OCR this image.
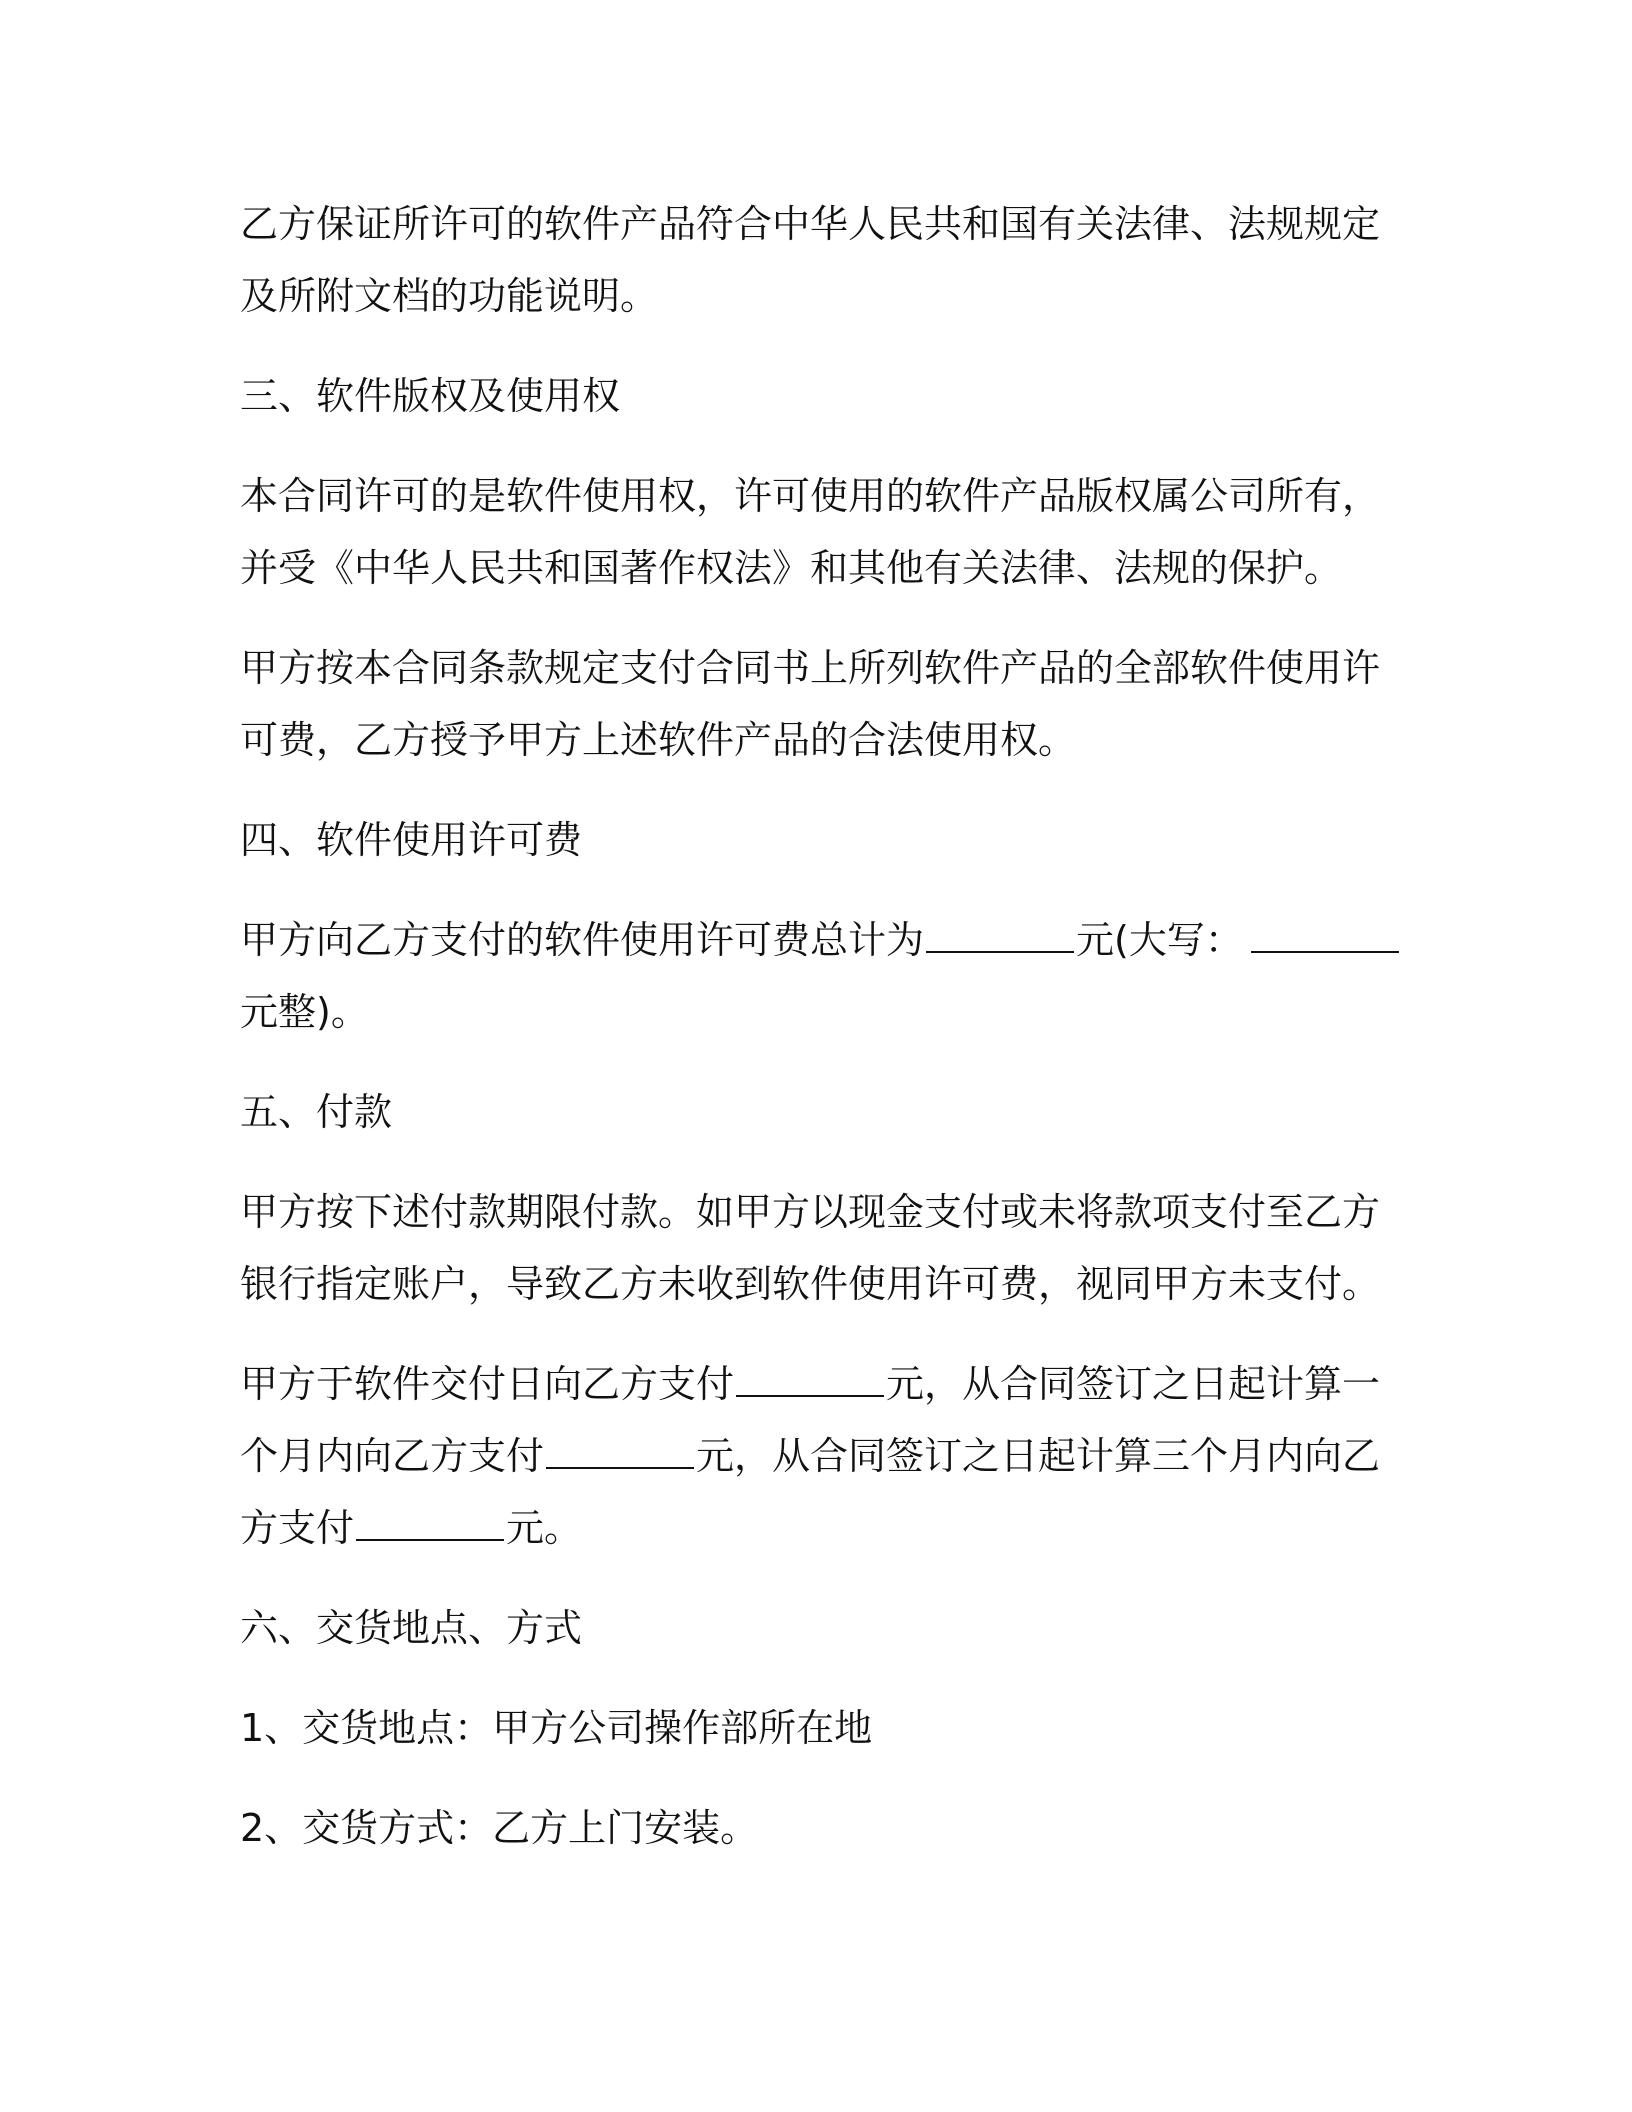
乙方保证所许可的软件产品符合中华人民共和国有关法律、法规规定
及所附文档的功能说明。

三、软件版权及使用权

本合同许可的是软件使用权，许可使用的软件产品版权属公司所有，
并受《中华人民共和国著作权法》和其他有关法律、法规的保护。

甲方按本合同条款规定支付合同书上所列软件产品的全部软件使用许
可费，乙方授予甲方上述软件产品的合法使用权。

四、软件使用许可费

甲方向乙方支付的软件使用许可费总计为	元(大写：
元整)。

五、付款

甲方按下述付款期限付款。如甲方以现金支付或未将款项支付至乙方
银行指定账户，导致乙方未收到软件使用许可费，视同甲方未支付。

甲方于软件交付日向乙方支付	元，从合同签订之日起计算一
个月内向乙方支付	元，从合同签订之日起计算三个月内向乙
方支付	元。

六、交货地点、方式

1、交货地点：甲方公司操作部所在地

2、交货方式：乙方上门安装。
